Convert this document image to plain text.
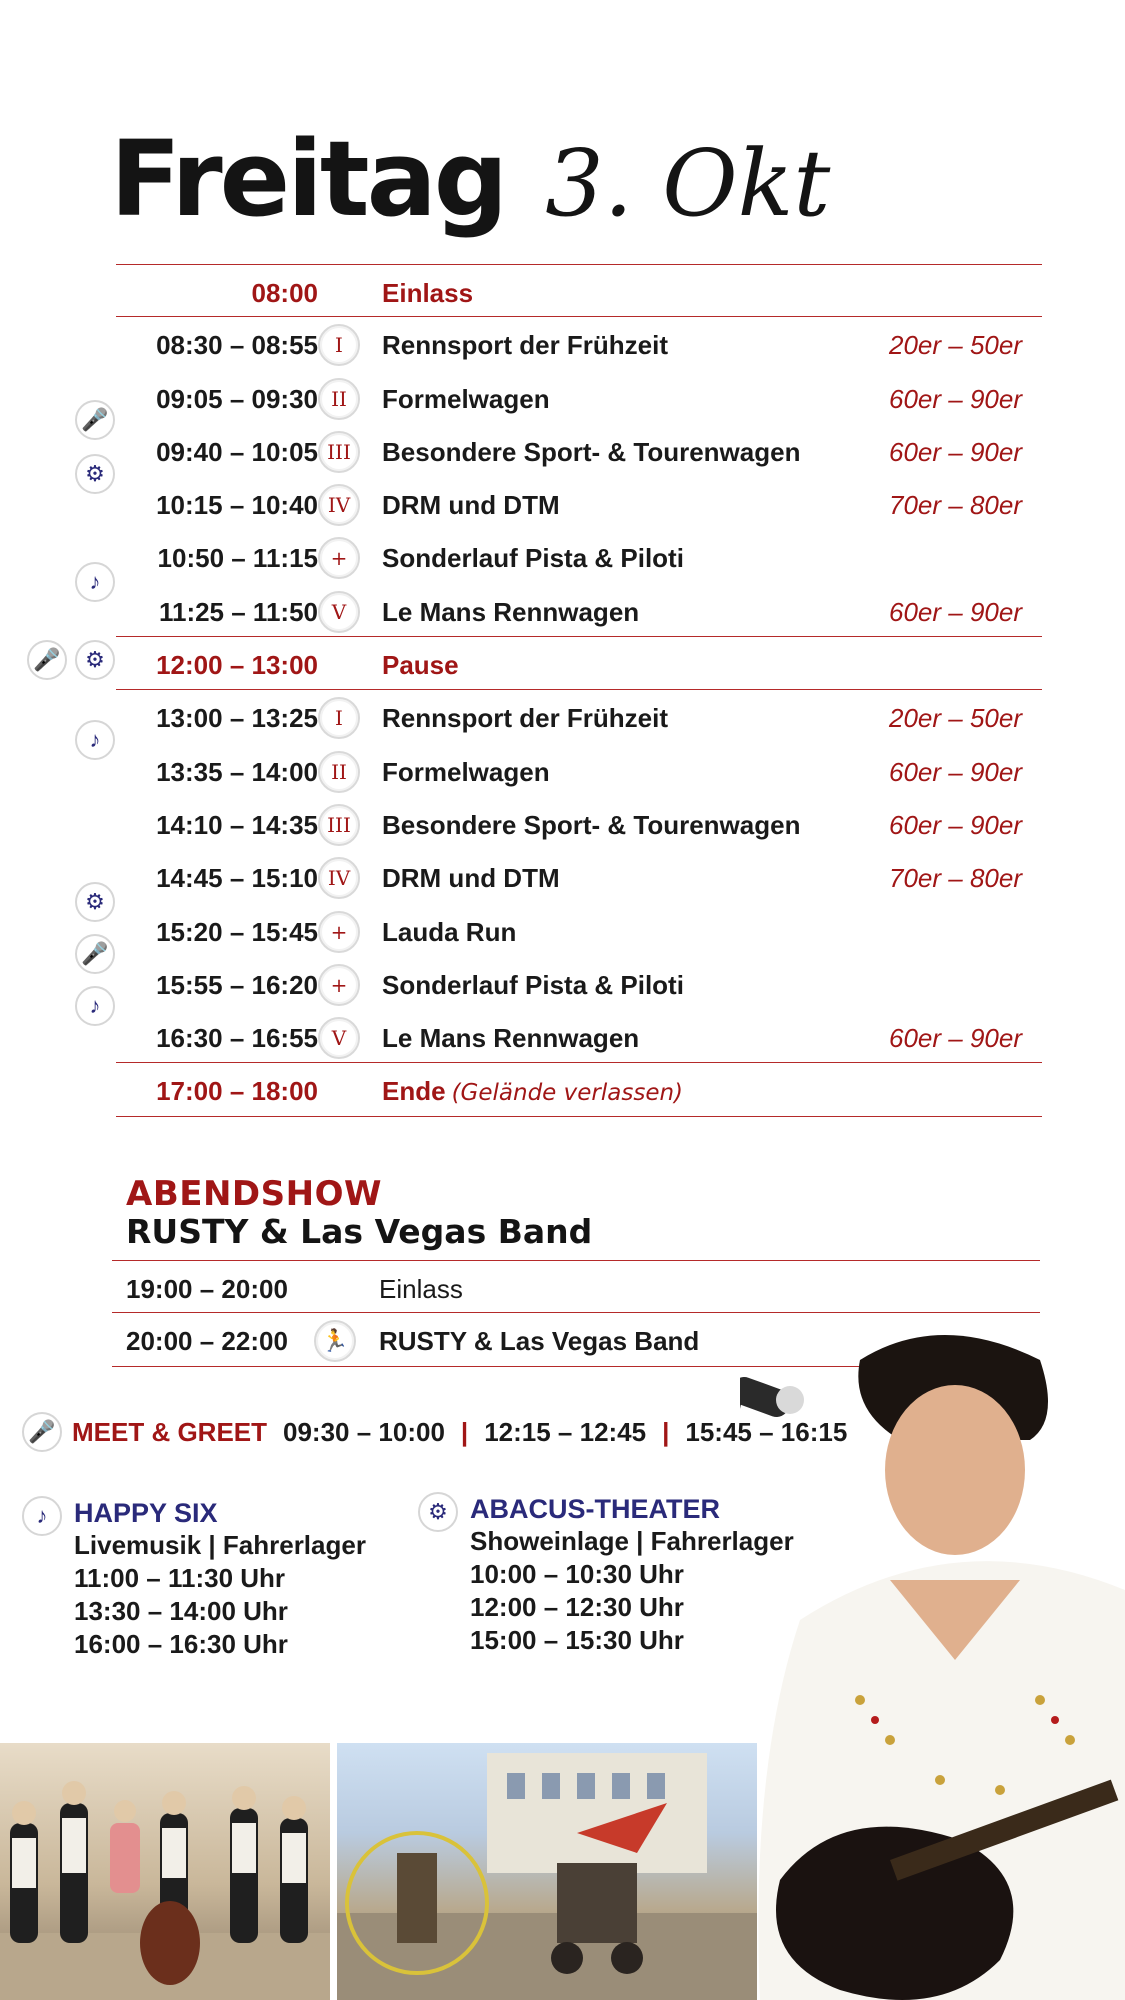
Freitag 3. Okt
08:00 Einlass
08:30 – 08:55 I	Rennsport der Frühzeit	20er – 50er
09:05 – 09:30 II	Formelwagen	60er – 90er
09:40 – 10:05 III	Besondere Sport- & Tourenwagen	60er – 90er
10:15 – 10:40 IV	DRM und DTM	70er – 80er
10:50 – 11:15 +	Sonderlauf Pista & Piloti
11:25 – 11:50 V	Le Mans Rennwagen	60er – 90er
12:00 – 13:00 Pause
13:00 – 13:25 I	Rennsport der Frühzeit	20er – 50er
13:35 – 14:00 II	Formelwagen	60er – 90er
14:10 – 14:35 III	Besondere Sport- & Tourenwagen	60er – 90er
14:45 – 15:10 IV	DRM und DTM	70er – 80er
15:20 – 15:45 +	Lauda Run
15:55 – 16:20 +	Sonderlauf Pista & Piloti
16:30 – 16:55 V	Le Mans Rennwagen	60er – 90er
17:00 – 18:00 Ende (Gelände verlassen)
🎤
⚙
♪
🎤	⚙
♪
⚙
🎤
♪
ABENDSHOW
RUSTY & Las Vegas Band
19:00 – 20:00	Einlass
20:00 – 22:00	🏃 RUSTY & Las Vegas Band
🎤 MEET & GREET 09:30 – 10:00 | 12:15 – 12:45 | 15:45 – 16:15
♪ HAPPY SIX
Livemusik | Fahrerlager
11:00 – 11:30 Uhr
13:30 – 14:00 Uhr
16:00 – 16:30 Uhr
⚙ ABACUS-THEATER
Showeinlage | Fahrerlager
10:00 – 10:30 Uhr
12:00 – 12:30 Uhr
15:00 – 15:30 Uhr
